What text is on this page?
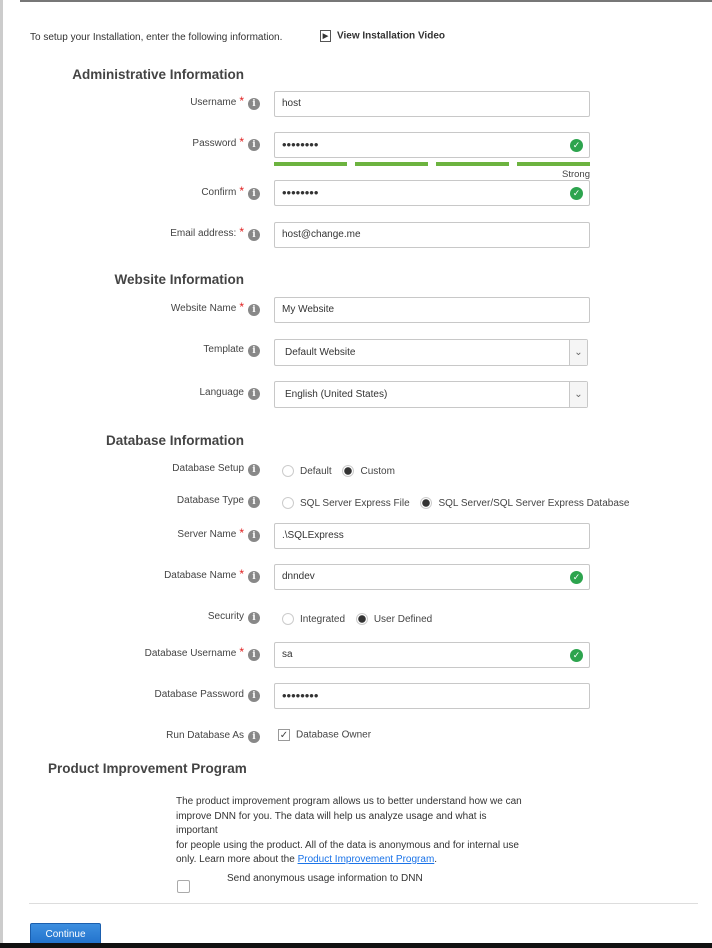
To setup your Installation, enter the following information.	▶ View Installation Video
Administrative Information
Username * i	host
Password * i	••••••••	✓
Strong
Confirm * i	••••••••	✓
Email address: * i	host@change.me
Website Information
Website Name * i	My Website
Template i	Default Website	⌄
Language i	English (United States)	⌄
Database Information
Database Setup i	Default	Custom
Database Type i	SQL Server Express File	SQL Server/SQL Server Express Database
Server Name * i	.\SQLExpress
Database Name * i	dnndev	✓
Security i	Integrated	User Defined
Database Username * i	sa	✓
Database Password i	••••••••
Run Database As i	✓ Database Owner
Product Improvement Program
The product improvement program allows us to better understand how we can
improve DNN for you. The data will help us analyze usage and what is
important
for people using the product. All of the data is anonymous and for internal use
only. Learn more about the Product Improvement Program.
Send anonymous usage information to DNN
Continue
